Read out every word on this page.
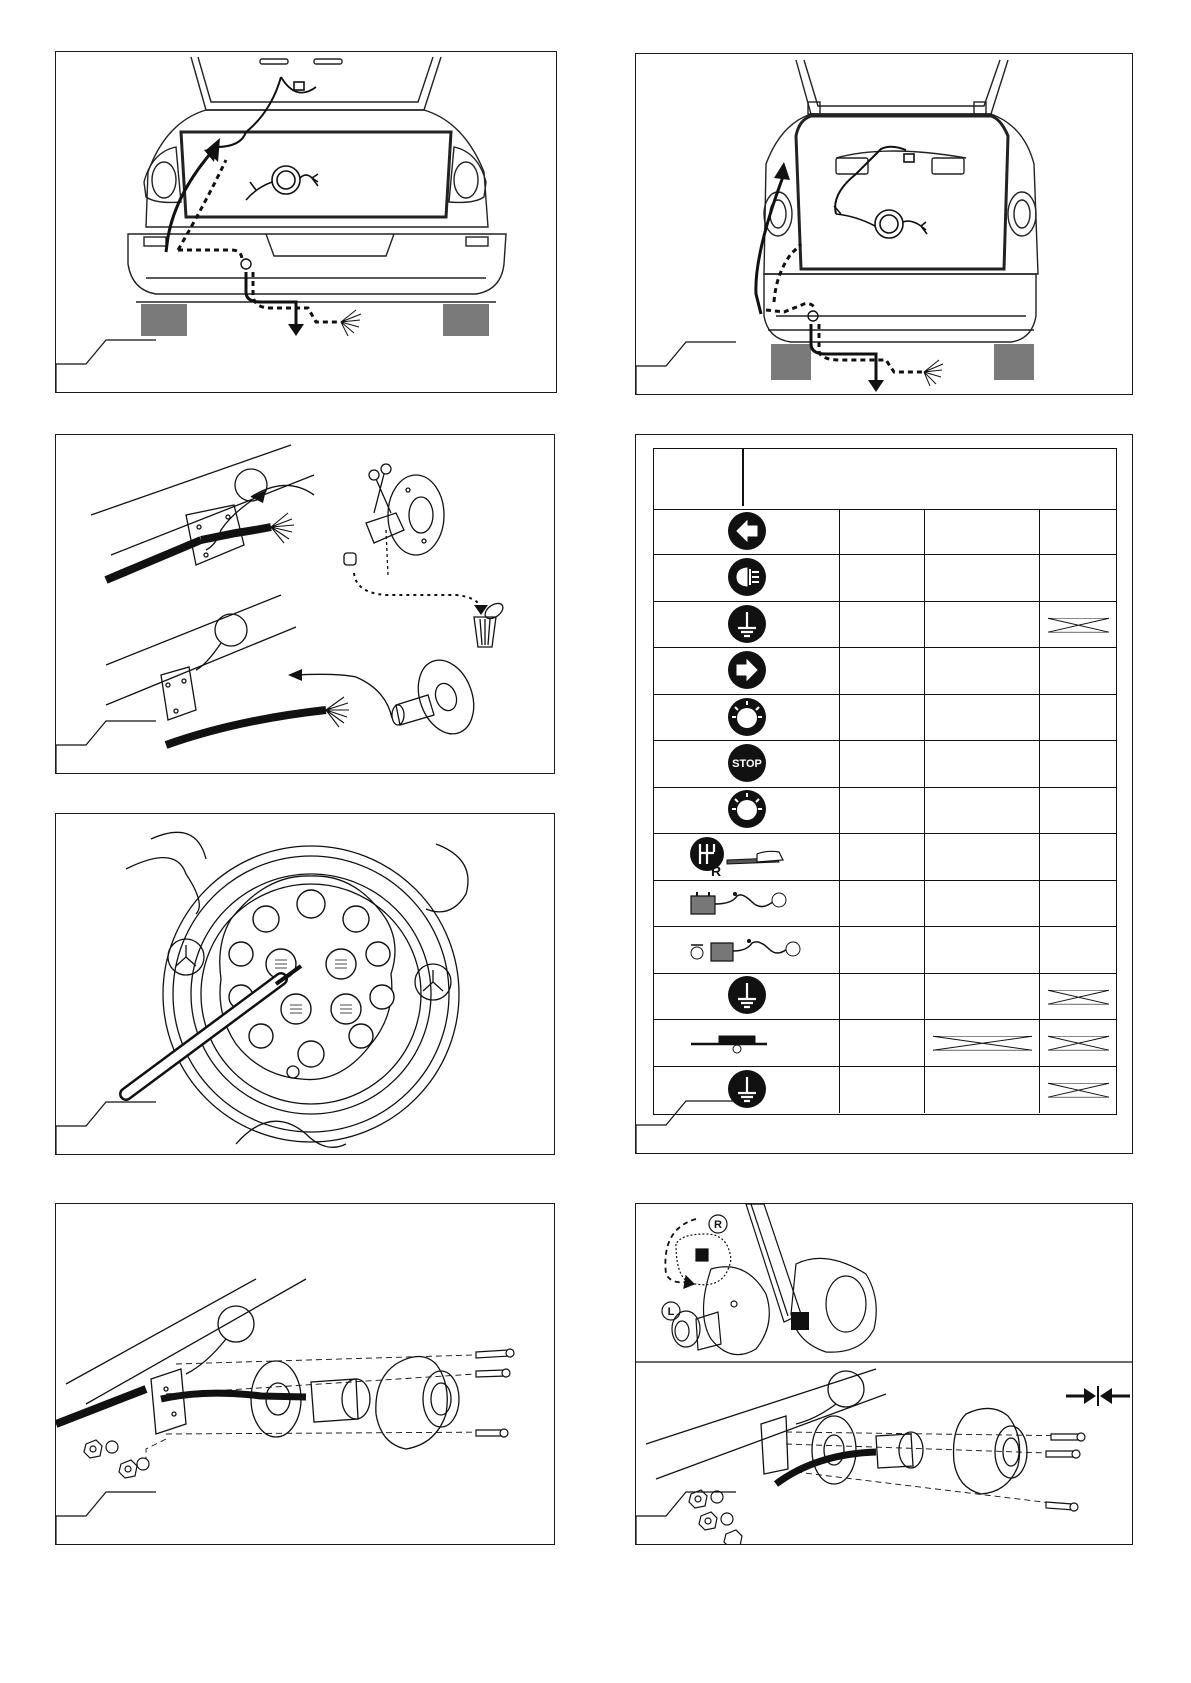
STOP
R
R
L
